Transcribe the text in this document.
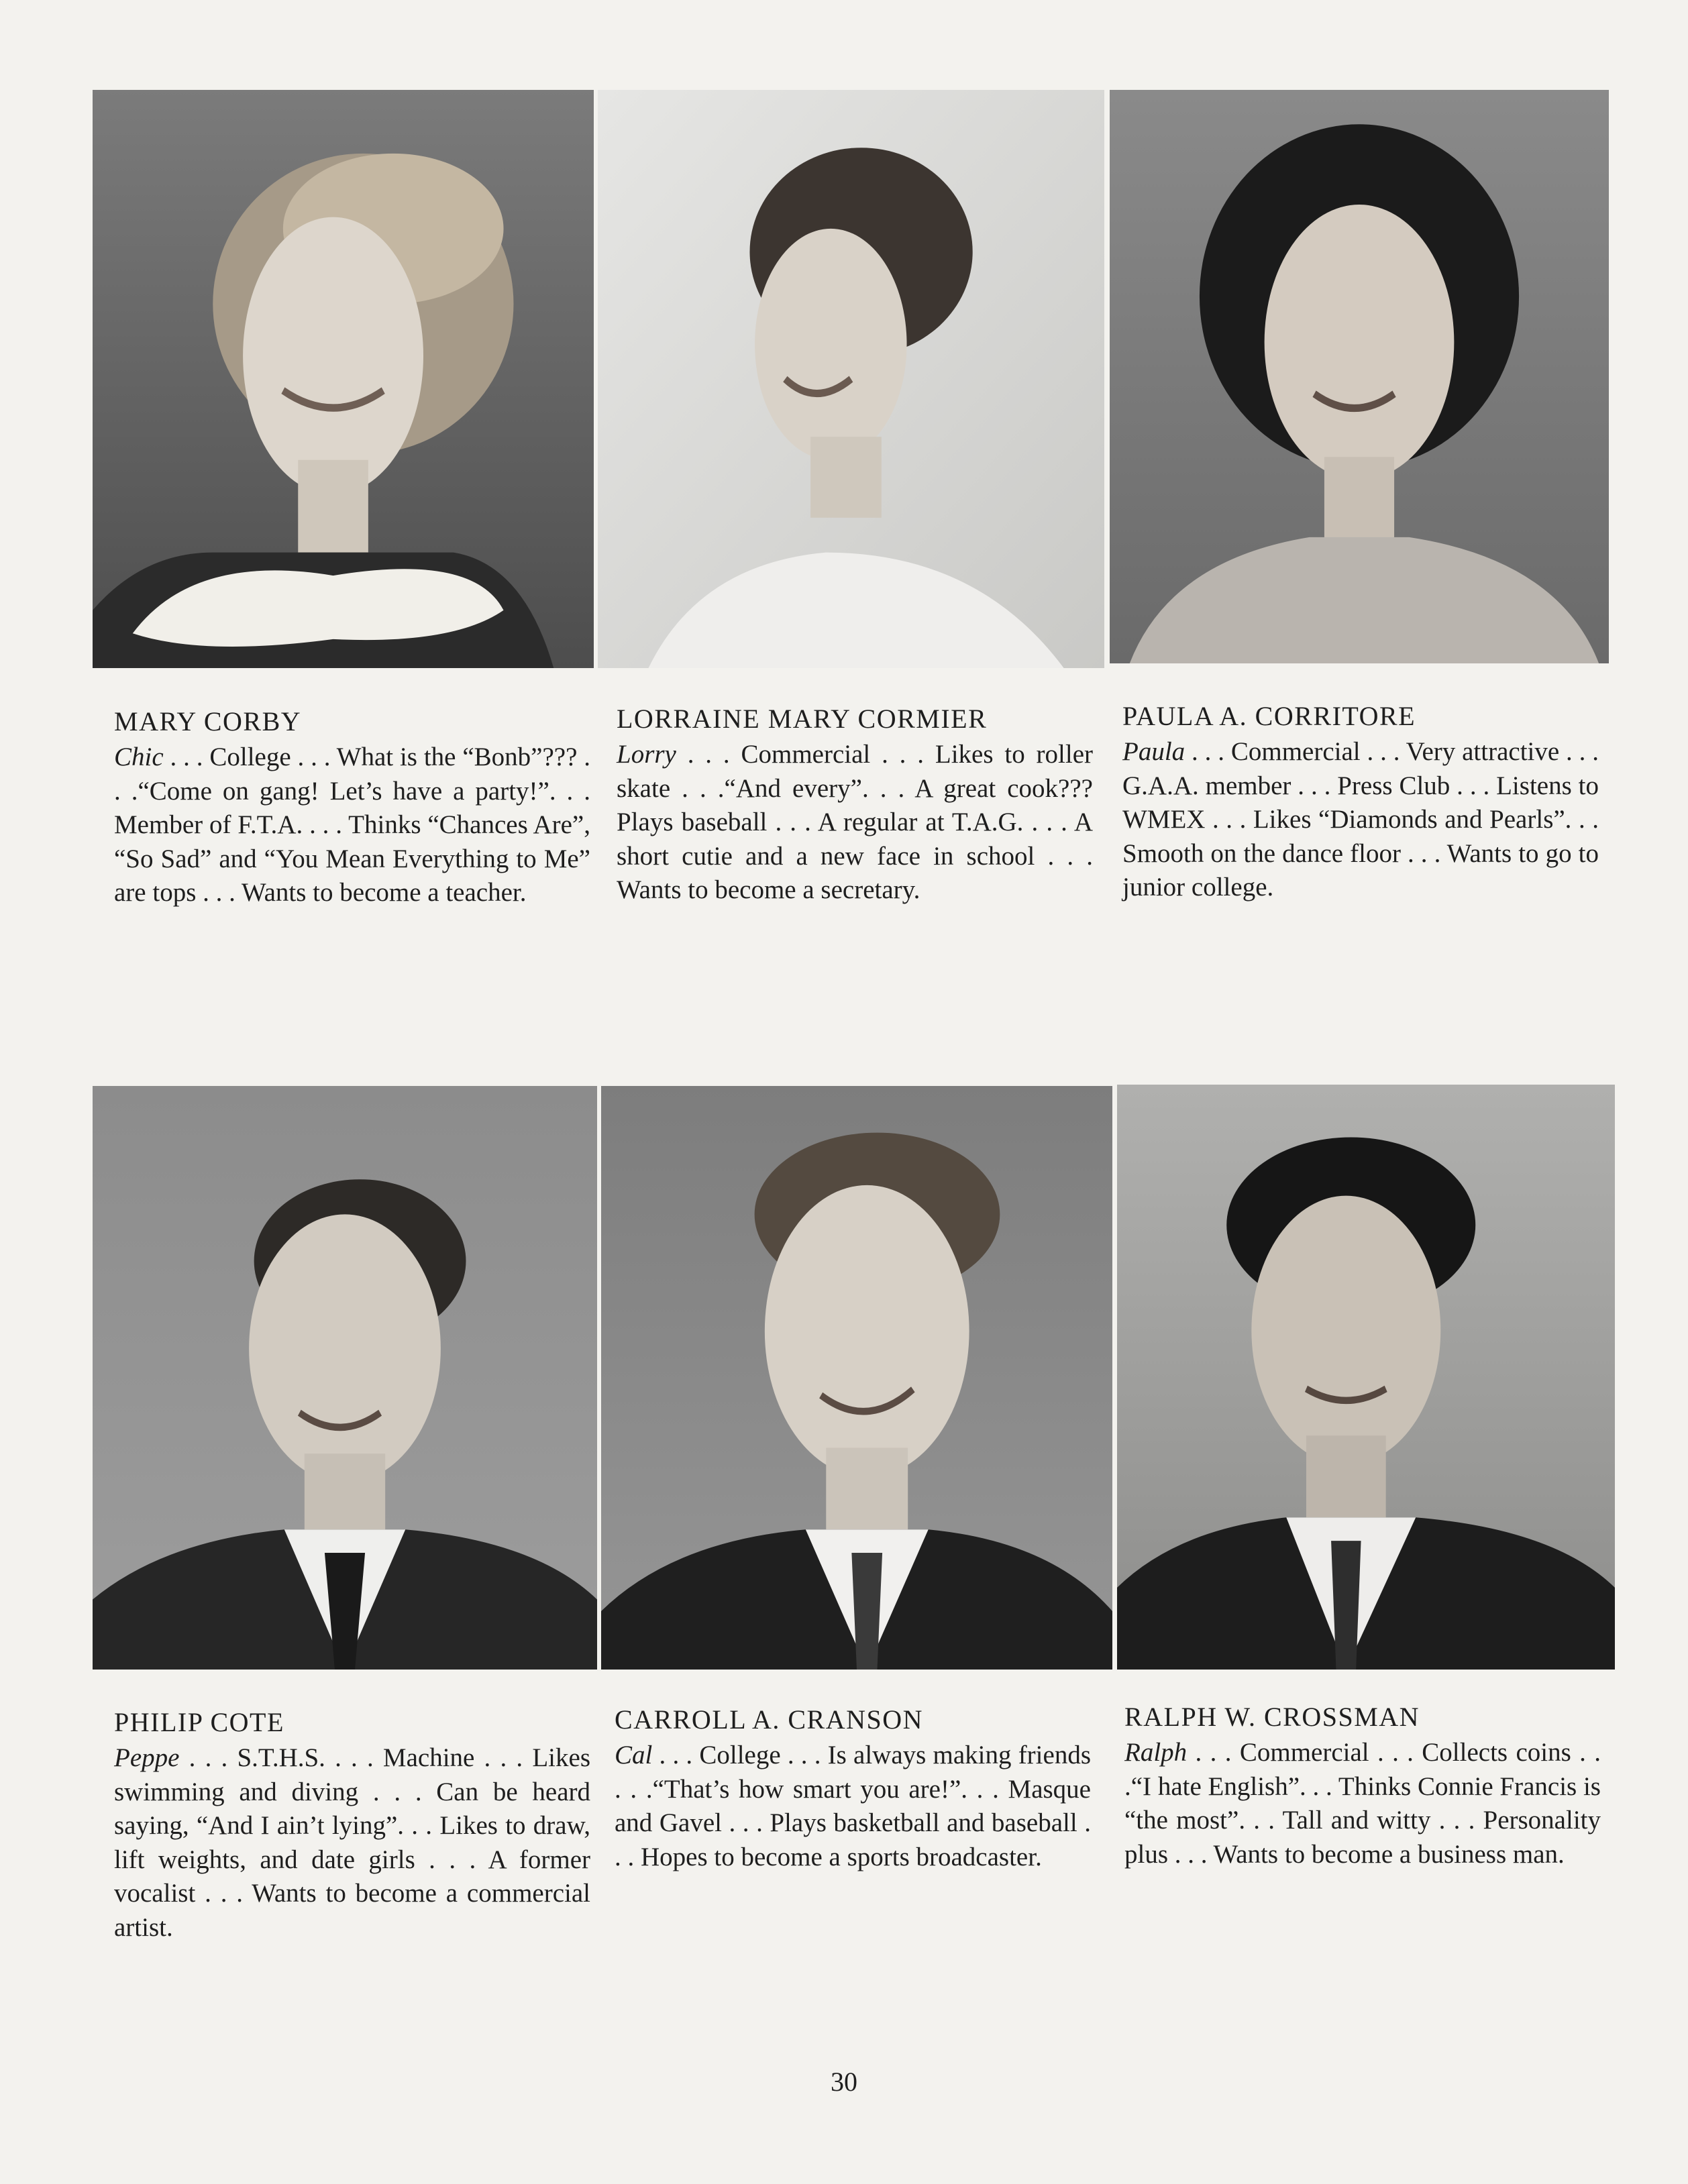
MARY CORBY

Chic . . . College . . . What is the “Bonb”??? . . .“Come on gang! Let’s have a party!”. . . Member of F.T.A. . . . Thinks “Chances Are”, “So Sad” and “You Mean Everything to Me” are tops . . . Wants to become a teacher.

LORRAINE MARY CORMIER

Lorry . . . Commercial . . . Likes to roller skate . . .“And every”. . . A great cook??? Plays baseball . . . A regular at T.A.G. . . . A short cutie and a new face in school . . . Wants to become a secretary.

PAULA A. CORRITORE

Paula . . . Commercial . . . Very attractive . . . G.A.A. member . . . Press Club . . . Listens to WMEX . . . Likes “Diamonds and Pearls”. . . Smooth on the dance floor . . . Wants to go to junior college.

PHILIP COTE

Peppe . . . S.T.H.S. . . . Machine . . . Likes swimming and diving . . . Can be heard saying, “And I ain’t lying”. . . Likes to draw, lift weights, and date girls . . . A former vocalist . . . Wants to become a commercial artist.

CARROLL A. CRANSON

Cal . . . College . . . Is always making friends . . .“That’s how smart you are!”. . . Masque and Gavel . . . Plays basketball and baseball . . . Hopes to become a sports broadcaster.

RALPH W. CROSSMAN

Ralph . . . Commercial . . . Collects coins . . .“I hate English”. . . Thinks Connie Francis is “the most”. . . Tall and witty . . . Personality plus . . . Wants to become a business man.

30
